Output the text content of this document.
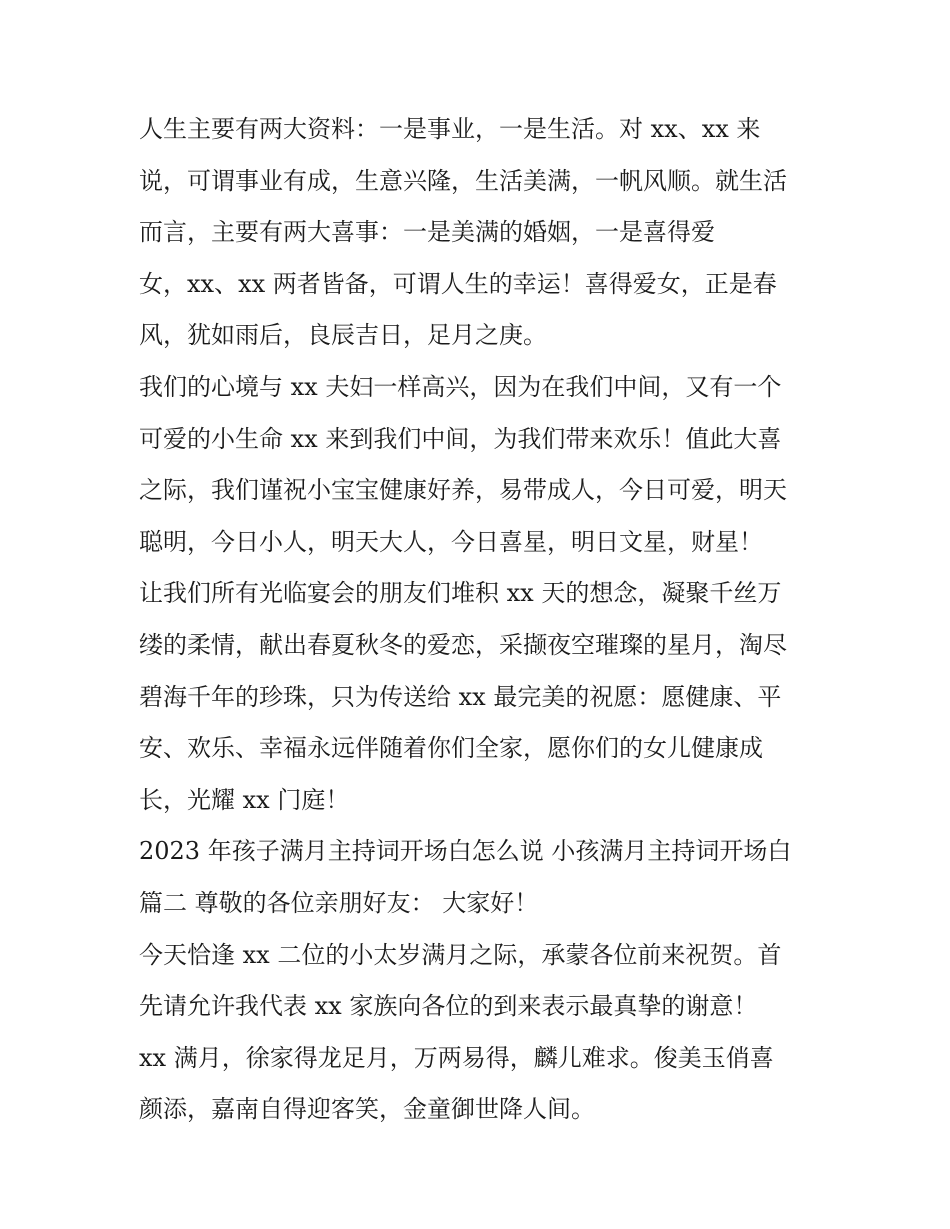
人生主要有两大资料：一是事业，一是生活。对 xx、xx 来
说，可谓事业有成，生意兴隆，生活美满，一帆风顺。就生活
而言，主要有两大喜事：一是美满的婚姻，一是喜得爱
女，xx、xx 两者皆备，可谓人生的幸运！喜得爱女，正是春
风，犹如雨后，良辰吉日，足月之庚。
我们的心境与 xx 夫妇一样高兴，因为在我们中间，又有一个
可爱的小生命 xx 来到我们中间，为我们带来欢乐！值此大喜
之际，我们谨祝小宝宝健康好养，易带成人，今日可爱，明天
聪明，今日小人，明天大人，今日喜星，明日文星，财星！
让我们所有光临宴会的朋友们堆积 xx 天的想念，凝聚千丝万
缕的柔情，献出春夏秋冬的爱恋，采撷夜空璀璨的星月，淘尽
碧海千年的珍珠，只为传送给 xx 最完美的祝愿：愿健康、平
安、欢乐、幸福永远伴随着你们全家，愿你们的女儿健康成
长，光耀 xx 门庭！
2023 年孩子满月主持词开场白怎么说 小孩满月主持词开场白
篇二 尊敬的各位亲朋好友： 大家好！
今天恰逢 xx 二位的小太岁满月之际，承蒙各位前来祝贺。首
先请允许我代表 xx 家族向各位的到来表示最真挚的谢意！
xx 满月，徐家得龙足月，万两易得，麟儿难求。俊美玉俏喜
颜添，嘉南自得迎客笑，金童御世降人间。
